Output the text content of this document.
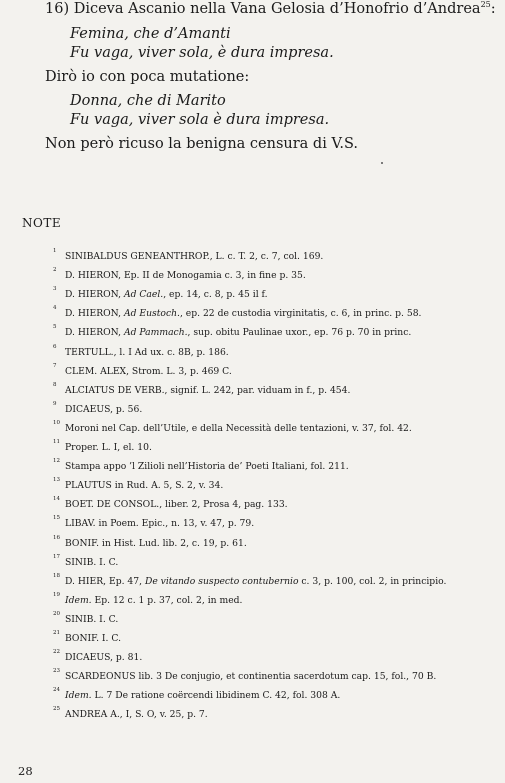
16) Diceva Ascanio nella Vana Gelosia d’Honofrio d’Andrea$^{25}$:
Femina, che d’Amanti
Fu vaga, viver sola, è dura impresa.
Dirò io con poca mutatione:
Donna, che di Marito
Fu vaga, viver sola è dura impresa.
Non però ricuso la benigna censura di V.S.
NOTE
1 SINIBALDUS GENEANTHROP., L. c. T. 2, c. 7, col. 169.
2 D. HIERON, Ep. II de Monogamia c. 3, in fine p. 35.
3 D. HIERON, Ad Cael., ep. 14, c. 8, p. 45 il f.
4 D. HIERON, Ad Eustoch., ep. 22 de custodia virginitatis, c. 6, in princ. p. 58.
5 D. HIERON, Ad Pammach., sup. obitu Paulinae uxor., ep. 76 p. 70 in princ.
6 TERTULL., l. I Ad ux. c. 8B, p. 186.
7 CLEM. ALEX, Strom. L. 3, p. 469 C.
8 ALCIATUS DE VERB., signif. L. 242, par. viduam in f., p. 454.
9 DICAEUS, p. 56.
10 Moroni nel Cap. dell’Utile, e della Necessità delle tentazioni, v. 37, fol. 42.
11 Proper. L. I, el. 10.
12 Stampa appo ’l Zilioli nell’Historia de’ Poeti Italiani, fol. 211.
13 PLAUTUS in Rud. A. 5, S. 2, v. 34.
14 BOET. DE CONSOL., liber. 2, Prosa 4, pag. 133.
15 LIBAV. in Poem. Epic., n. 13, v. 47, p. 79.
16 BONIF. in Hist. Lud. lib. 2, c. 19, p. 61.
17 SINIB. I. C.
18 D. HIER, Ep. 47, De vitando suspecto contubernio c. 3, p. 100, col. 2, in principio.
19 Idem. Ep. 12 c. 1 p. 37, col. 2, in med.
20 SINIB. I. C.
21 BONIF. I. C.
22 DICAEUS, p. 81.
23 SCARDEONUS lib. 3 De conjugio, et continentia sacerdotum cap. 15, fol., 70 B.
24 Idem. L. 7 De ratione coërcendi libidinem C. 42, fol. 308 A.
25 ANDREA A., I, S. O, v. 25, p. 7.
28
